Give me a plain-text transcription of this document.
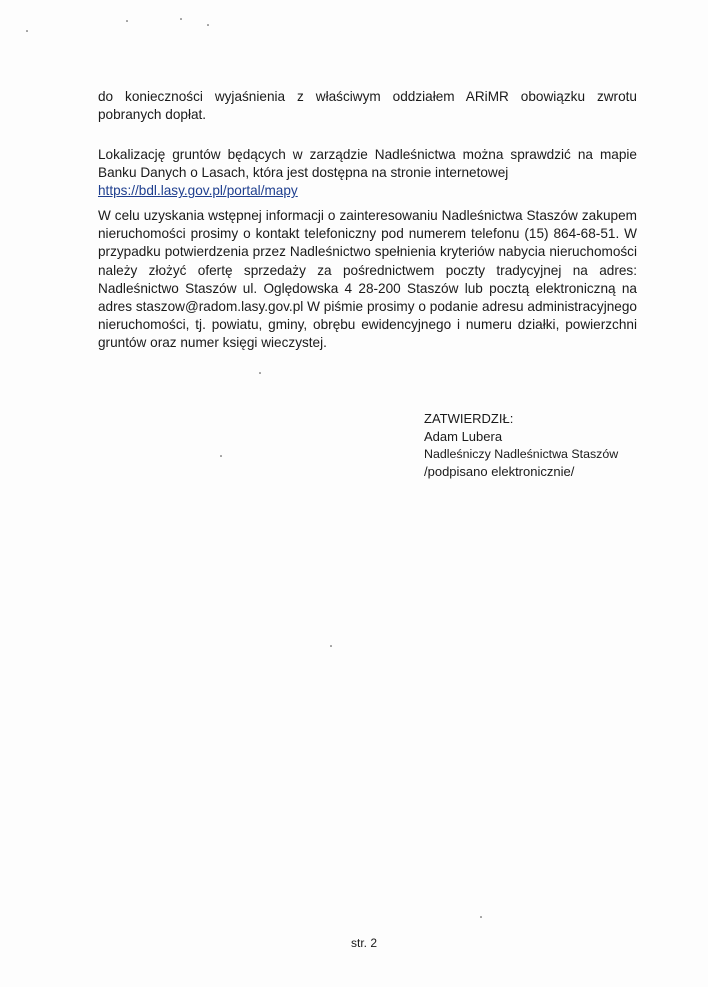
do konieczności wyjaśnienia z właściwym oddziałem ARiMR obowiązku zwrotu pobranych dopłat.

Lokalizację gruntów będących w zarządzie Nadleśnictwa można sprawdzić na mapie Banku Danych o Lasach, która jest dostępna na stronie internetowej
https://bdl.lasy.gov.pl/portal/mapy

W celu uzyskania wstępnej informacji o zainteresowaniu Nadleśnictwa Staszów zakupem nieruchomości prosimy o kontakt telefoniczny pod numerem telefonu (15) 864-68-51. W przypadku potwierdzenia przez Nadleśnictwo spełnienia kryteriów nabycia nieruchomości należy złożyć ofertę sprzedaży za pośrednictwem poczty tradycyjnej na adres: Nadleśnictwo Staszów ul. Oględowska 4 28-200 Staszów lub pocztą elektroniczną na adres staszow@radom.lasy.gov.pl W piśmie prosimy o podanie adresu administracyjnego nieruchomości, tj. powiatu, gminy, obrębu ewidencyjnego i numeru działki, powierzchni gruntów oraz numer księgi wieczystej.

ZATWIERDZIŁ:
Adam Lubera
Nadleśniczy Nadleśnictwa Staszów
/podpisano elektronicznie/
str. 2
